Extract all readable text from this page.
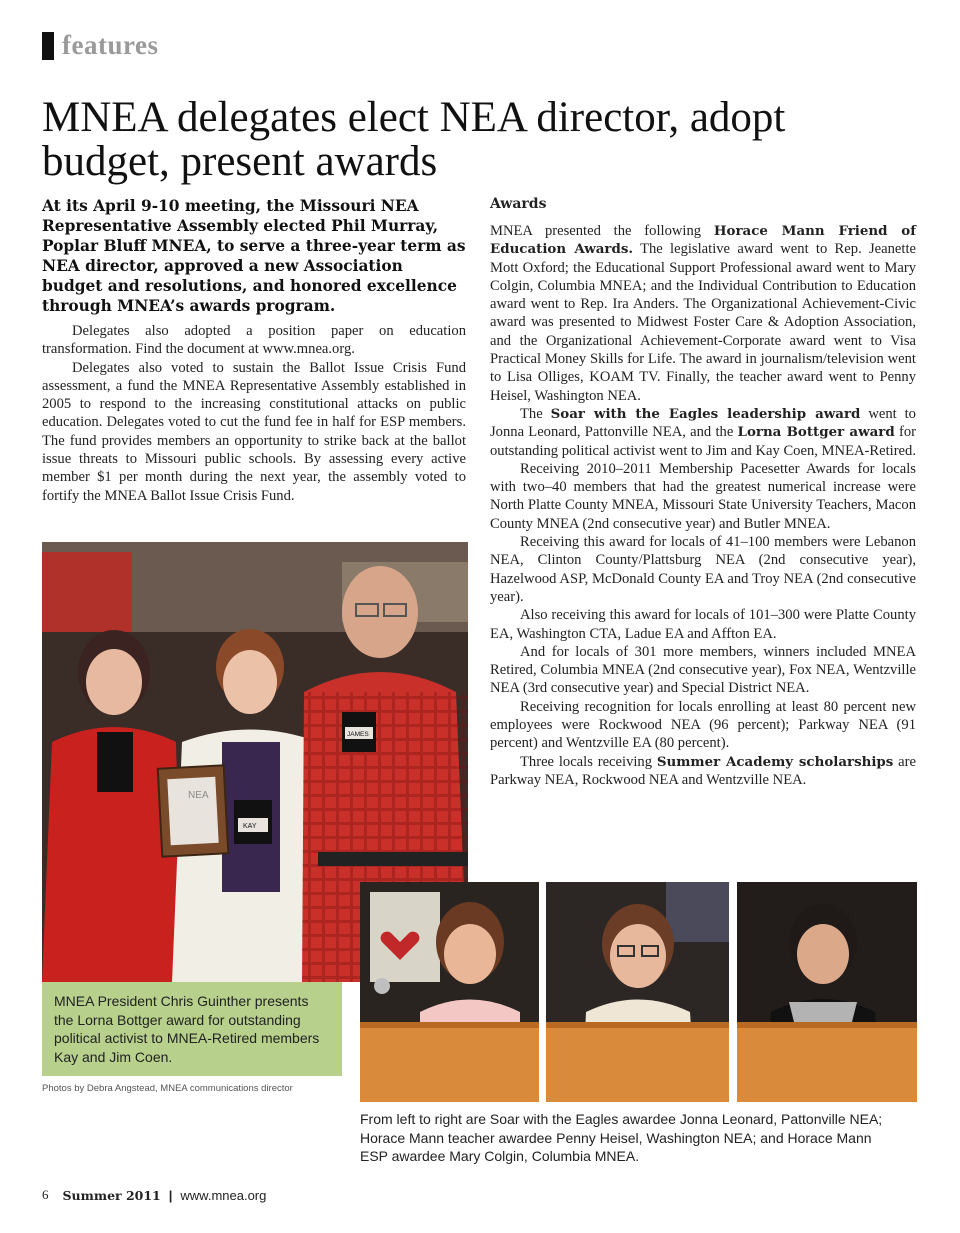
features
MNEA delegates elect NEA director, adopt budget, present awards

At its April 9-10 meeting, the Missouri NEA Representative Assembly elected Phil Murray, Poplar Bluff MNEA, to serve a three-year term as NEA director, approved a new Association budget and resolutions, and honored excellence through MNEA’s awards program.

Delegates also adopted a position paper on education transformation. Find the document at www.mnea.org.

Delegates also voted to sustain the Ballot Issue Crisis Fund assessment, a fund the MNEA Representative Assembly established in 2005 to respond to the increasing constitutional attacks on public education. Delegates voted to cut the fund fee in half for ESP members. The fund provides members an opportunity to strike back at the ballot issue threats to Missouri public schools. By assessing every active member $1 per month during the next year, the assembly voted to fortify the MNEA Ballot Issue Crisis Fund.

Awards

MNEA presented the following Horace Mann Friend of Education Awards. The legislative award went to Rep. Jeanette Mott Oxford; the Educational Support Professional award went to Mary Colgin, Columbia MNEA; and the Individual Contribution to Education award went to Rep. Ira Anders. The Organizational Achievement-Civic award was presented to Midwest Foster Care & Adoption Association, and the Organizational Achievement-Corporate award went to Visa Practical Money Skills for Life. The award in journalism/television went to Lisa Olliges, KOAM TV. Finally, the teacher award went to Penny Heisel, Washington NEA.

The Soar with the Eagles leadership award went to Jonna Leonard, Pattonville NEA, and the Lorna Bottger award for outstanding political activist went to Jim and Kay Coen, MNEA-Retired.

Receiving 2010–2011 Membership Pacesetter Awards for locals with two–40 members that had the greatest numerical increase were North Platte County MNEA, Missouri State University Teachers, Macon County MNEA (2nd consecutive year) and Butler MNEA.

Receiving this award for locals of 41–100 members were Lebanon NEA, Clinton County/Plattsburg NEA (2nd consecutive year), Hazelwood ASP, McDonald County EA and Troy NEA (2nd consecutive year).

Also receiving this award for locals of 101–300 were Platte County EA, Washington CTA, Ladue EA and Affton EA.

And for locals of 301 more members, winners included MNEA Retired, Columbia MNEA (2nd consecutive year), Fox NEA, Wentzville NEA (3rd consecutive year) and Special District NEA.

Receiving recognition for locals enrolling at least 80 percent new employees were Rockwood NEA (96 percent); Parkway NEA (91 percent) and Wentzville EA (80 percent).

Three locals receiving Summer Academy scholarships are Parkway NEA, Rockwood NEA and Wentzville NEA.

NEA
KAY
JAMES

MNEA President Chris Guinther presents the Lorna Bottger award for outstanding political activist to MNEA-Retired members Kay and Jim Coen.

Photos by Debra Angstead, MNEA communications director

From left to right are Soar with the Eagles awardee Jonna Leonard, Pattonville NEA; Horace Mann teacher awardee Penny Heisel, Washington NEA; and Horace Mann ESP awardee Mary Colgin, Columbia MNEA.

6 Summer 2011 | www.mnea.org
